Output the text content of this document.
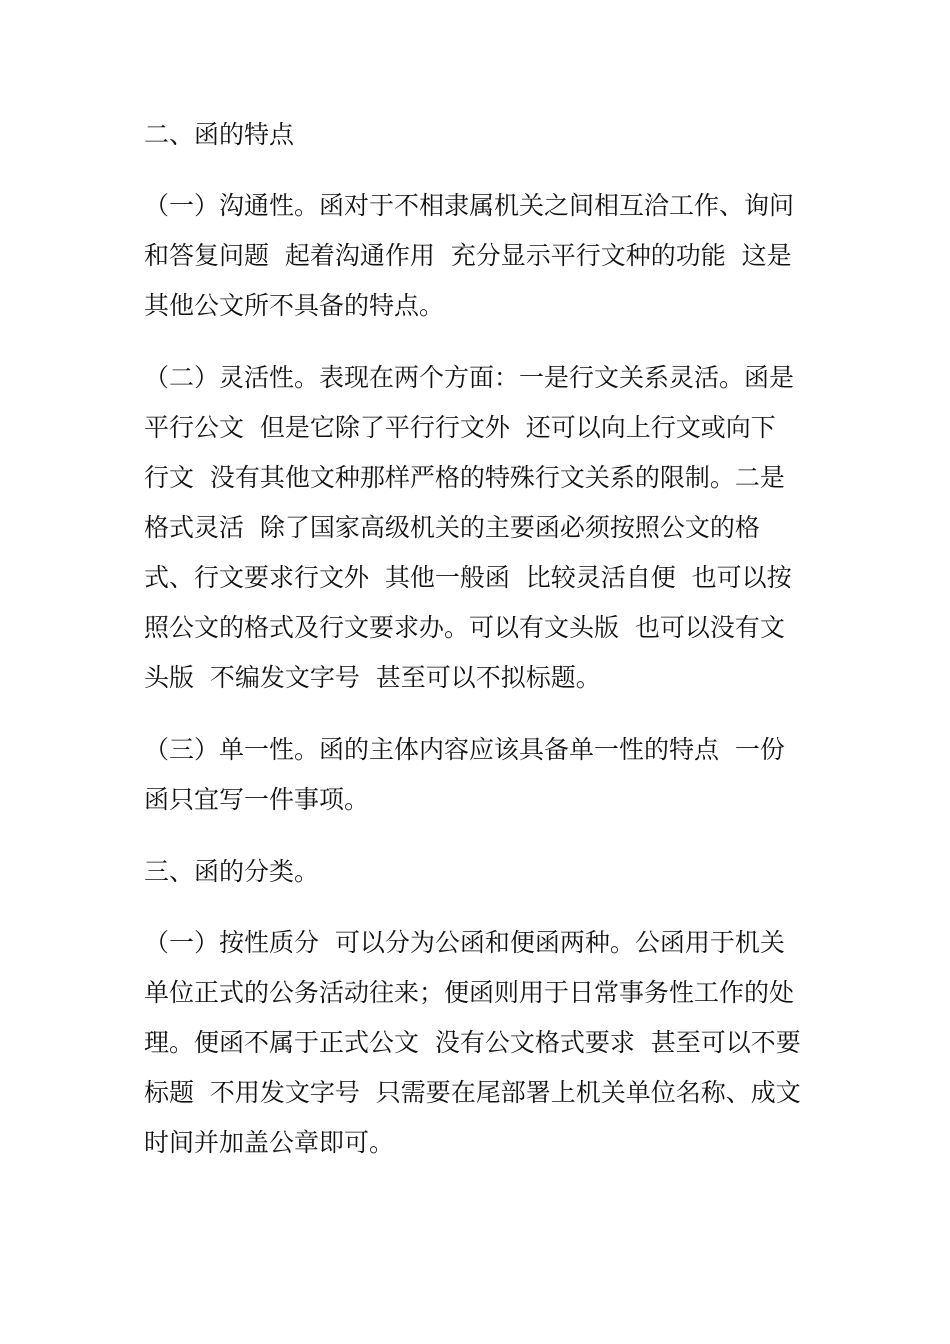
二、函的特点
（一）沟通性。函对于不相隶属机关之间相互洽工作、询问
和答复问题  起着沟通作用  充分显示平行文种的功能  这是
其他公文所不具备的特点。
（二）灵活性。表现在两个方面：一是行文关系灵活。函是
平行公文  但是它除了平行行文外  还可以向上行文或向下
行文  没有其他文种那样严格的特殊行文关系的限制。二是
格式灵活  除了国家高级机关的主要函必须按照公文的格
式、行文要求行文外  其他一般函  比较灵活自便  也可以按
照公文的格式及行文要求办。可以有文头版  也可以没有文
头版  不编发文字号  甚至可以不拟标题。
（三）单一性。函的主体内容应该具备单一性的特点  一份
函只宜写一件事项。
三、函的分类。
（一）按性质分  可以分为公函和便函两种。公函用于机关
单位正式的公务活动往来；便函则用于日常事务性工作的处
理。便函不属于正式公文  没有公文格式要求  甚至可以不要
标题  不用发文字号  只需要在尾部署上机关单位名称、成文
时间并加盖公章即可。
